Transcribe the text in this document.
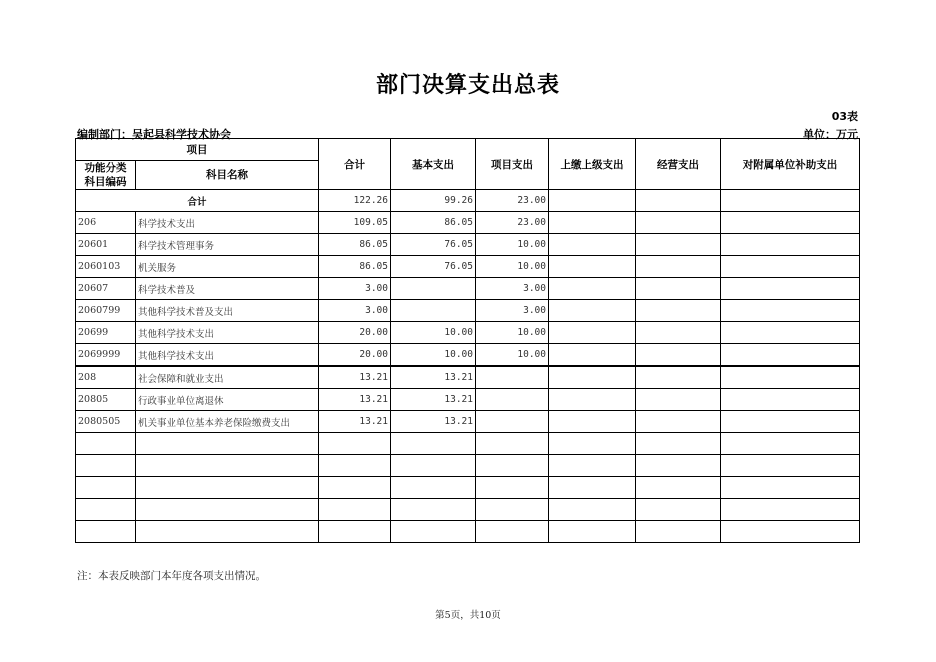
部门决算支出总表
03表
编制部门：吴起县科学技术协会	单位：万元
项目		合计	基本支出	项目支出	上缴上级支出	经营支出	对附属单位补助支出
功能分类
科目编码	科目名称						
合计		122.26	99.26	23.00			
206	科学技术支出	109.05	86.05	23.00			
20601	科学技术管理事务	86.05	76.05	10.00			
2060103	机关服务	86.05	76.05	10.00			
20607	科学技术普及	3.00		3.00			
2060799	其他科学技术普及支出	3.00		3.00			
20699	其他科学技术支出	20.00	10.00	10.00			
2069999	其他科学技术支出	20.00	10.00	10.00			
208	社会保障和就业支出	13.21	13.21				
20805	行政事业单位离退休	13.21	13.21				
2080505	机关事业单位基本养老保险缴费支出	13.21	13.21				

注：本表反映部门本年度各项支出情况。
第5页，共10页
